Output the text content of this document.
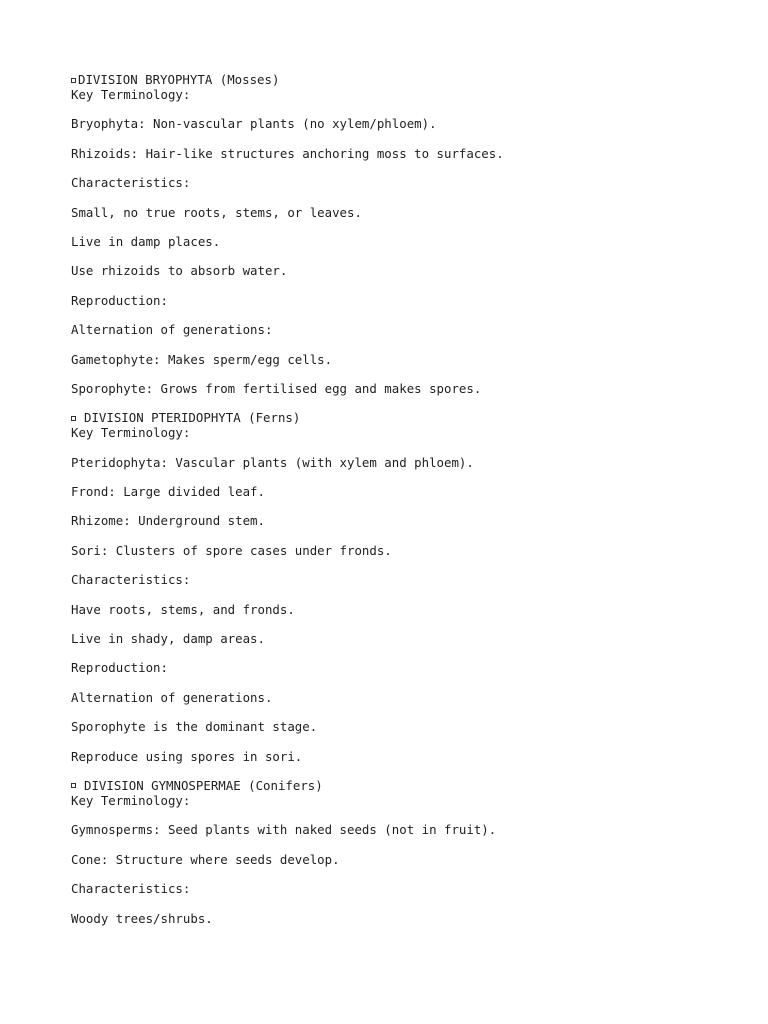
DIVISION BRYOPHYTA (Mosses)
Key Terminology:
Bryophyta: Non-vascular plants (no xylem/phloem).
Rhizoids: Hair-like structures anchoring moss to surfaces.
Characteristics:
Small, no true roots, stems, or leaves.
Live in damp places.
Use rhizoids to absorb water.
Reproduction:
Alternation of generations:
Gametophyte: Makes sperm/egg cells.
Sporophyte: Grows from fertilised egg and makes spores.
DIVISION PTERIDOPHYTA (Ferns)
Key Terminology:
Pteridophyta: Vascular plants (with xylem and phloem).
Frond: Large divided leaf.
Rhizome: Underground stem.
Sori: Clusters of spore cases under fronds.
Characteristics:
Have roots, stems, and fronds.
Live in shady, damp areas.
Reproduction:
Alternation of generations.
Sporophyte is the dominant stage.
Reproduce using spores in sori.
DIVISION GYMNOSPERMAE (Conifers)
Key Terminology:
Gymnosperms: Seed plants with naked seeds (not in fruit).
Cone: Structure where seeds develop.
Characteristics:
Woody trees/shrubs.
